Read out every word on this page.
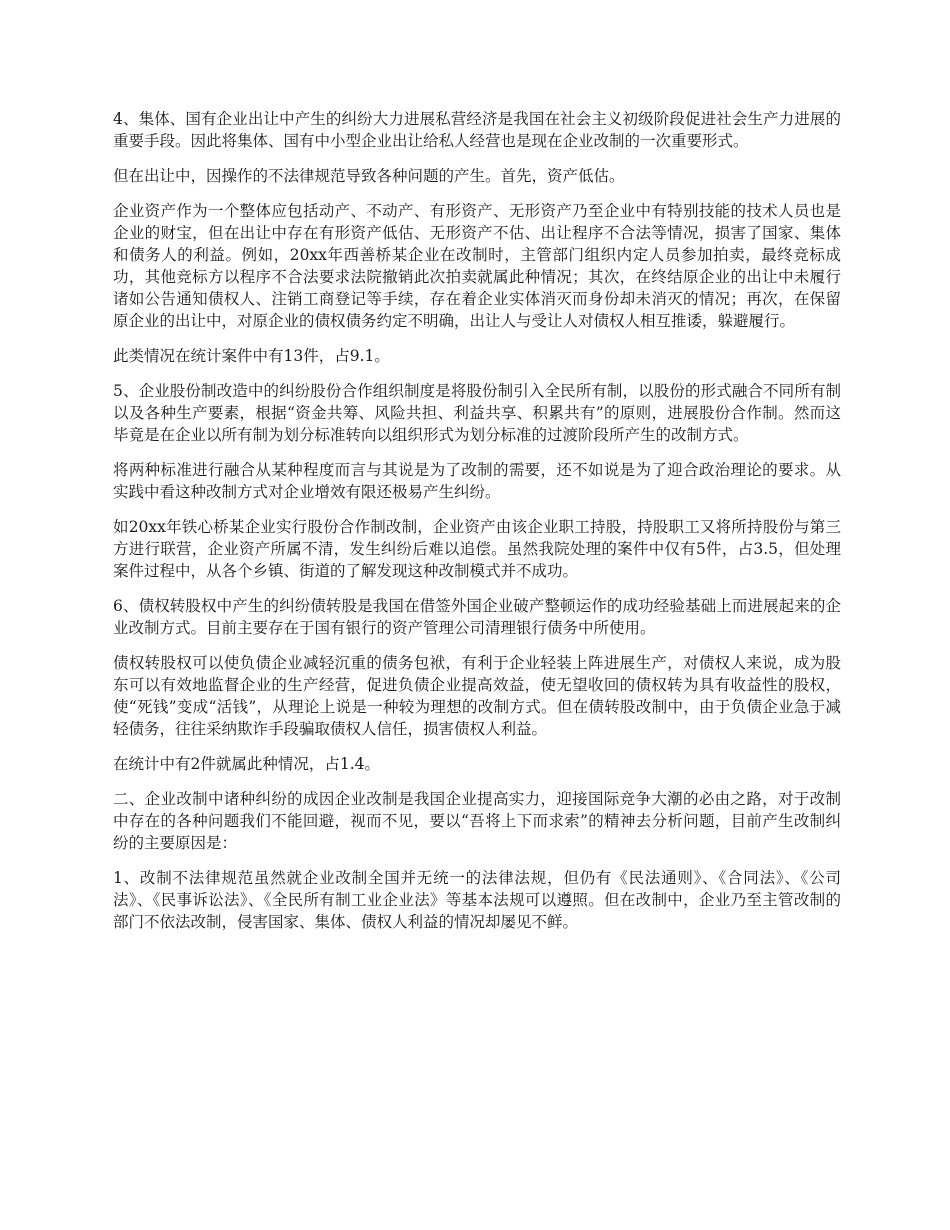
4、集体、国有企业出让中产生的纠纷大力进展私营经济是我国在社会主义初级阶段促进社会生产力进展的重要手段。因此将集体、国有中小型企业出让给私人经营也是现在企业改制的一次重要形式。

但在出让中，因操作的不法律规范导致各种问题的产生。首先，资产低估。

企业资产作为一个整体应包括动产、不动产、有形资产、无形资产乃至企业中有特别技能的技术人员也是企业的财宝，但在出让中存在有形资产低估、无形资产不估、出让程序不合法等情况，损害了国家、集体和债务人的利益。例如，20xx年西善桥某企业在改制时，主管部门组织内定人员参加拍卖，最终竞标成功，其他竞标方以程序不合法要求法院撤销此次拍卖就属此种情况；其次，在终结原企业的出让中未履行诸如公告通知债权人、注销工商登记等手续，存在着企业实体消灭而身份却未消灭的情况；再次，在保留原企业的出让中，对原企业的债权债务约定不明确，出让人与受让人对债权人相互推诿，躲避履行。

此类情况在统计案件中有13件，占9.1。

5、企业股份制改造中的纠纷股份合作组织制度是将股份制引入全民所有制，以股份的形式融合不同所有制以及各种生产要素，根据“资金共筹、风险共担、利益共享、积累共有”的原则，进展股份合作制。然而这毕竟是在企业以所有制为划分标准转向以组织形式为划分标准的过渡阶段所产生的改制方式。

将两种标准进行融合从某种程度而言与其说是为了改制的需要，还不如说是为了迎合政治理论的要求。从实践中看这种改制方式对企业增效有限还极易产生纠纷。

如20xx年铁心桥某企业实行股份合作制改制，企业资产由该企业职工持股，持股职工又将所持股份与第三方进行联营，企业资产所属不清，发生纠纷后难以追偿。虽然我院处理的案件中仅有5件，占3.5，但处理案件过程中，从各个乡镇、街道的了解发现这种改制模式并不成功。

6、债权转股权中产生的纠纷债转股是我国在借签外国企业破产整顿运作的成功经验基础上而进展起来的企业改制方式。目前主要存在于国有银行的资产管理公司清理银行债务中所使用。

债权转股权可以使负债企业减轻沉重的债务包袱，有利于企业轻装上阵进展生产，对债权人来说，成为股东可以有效地监督企业的生产经营，促进负债企业提高效益，使无望收回的债权转为具有收益性的股权，使“死钱”变成“活钱”，从理论上说是一种较为理想的改制方式。但在债转股改制中，由于负债企业急于减轻债务，往往采纳欺诈手段骗取债权人信任，损害债权人利益。

在统计中有2件就属此种情况，占1.4。

二、企业改制中诸种纠纷的成因企业改制是我国企业提高实力，迎接国际竞争大潮的必由之路，对于改制中存在的各种问题我们不能回避，视而不见，要以“吾将上下而求索”的精神去分析问题，目前产生改制纠纷的主要原因是：

1、改制不法律规范虽然就企业改制全国并无统一的法律法规，但仍有《民法通则》、《合同法》、《公司法》、《民事诉讼法》、《全民所有制工业企业法》等基本法规可以遵照。但在改制中，企业乃至主管改制的部门不依法改制，侵害国家、集体、债权人利益的情况却屡见不鲜。
